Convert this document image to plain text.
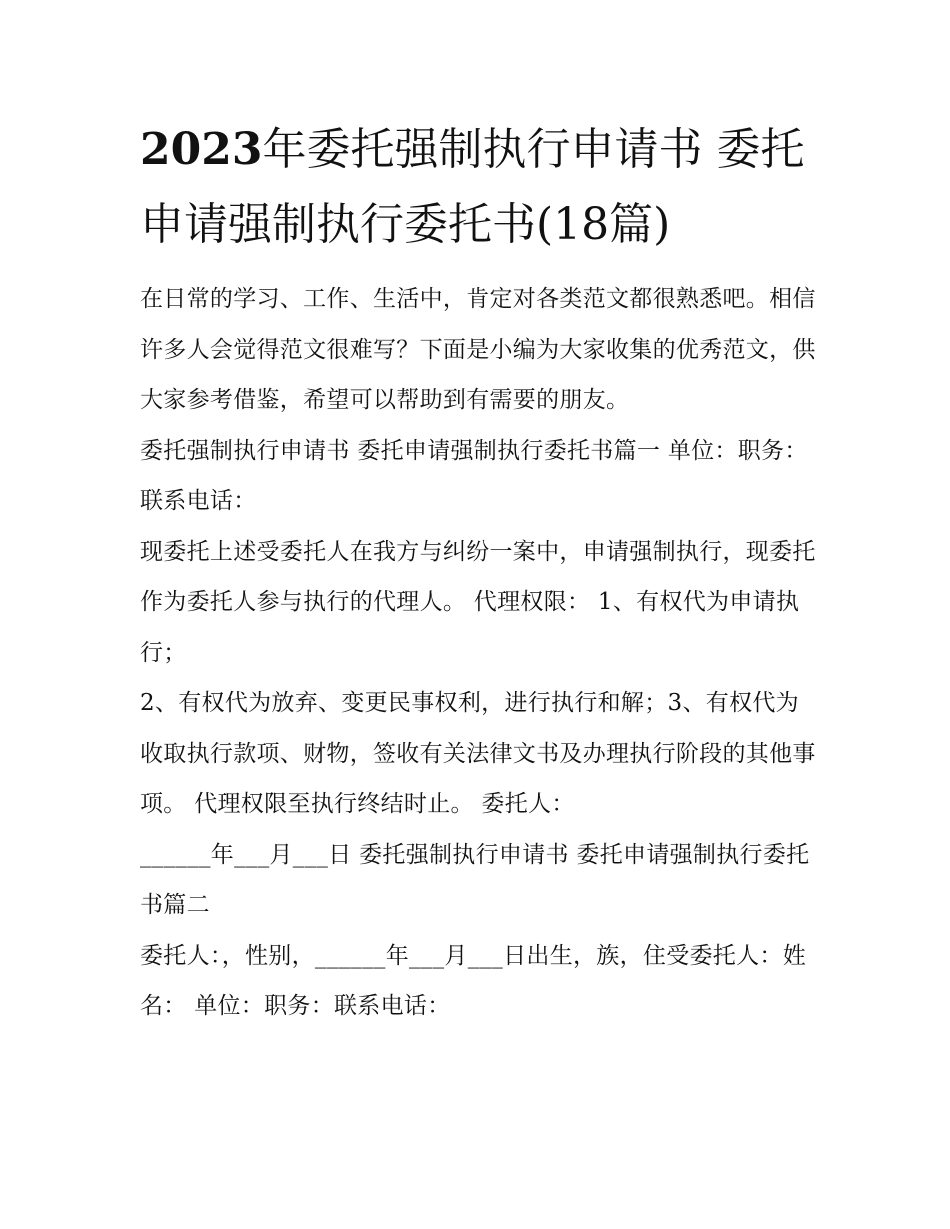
2023年委托强制执行申请书 委托申请强制执行委托书(18篇)

在日常的学习、工作、生活中，肯定对各类范文都很熟悉吧。相信许多人会觉得范文很难写？下面是小编为大家收集的优秀范文，供大家参考借鉴，希望可以帮助到有需要的朋友。

委托强制执行申请书 委托申请强制执行委托书篇一 单位：职务：联系电话：

现委托上述受委托人在我方与纠纷一案中，申请强制执行，现委托作为委托人参与执行的代理人。 代理权限： 1、有权代为申请执行；

2、有权代为放弃、变更民事权利，进行执行和解；3、有权代为收取执行款项、财物，签收有关法律文书及办理执行阶段的其他事项。 代理权限至执行终结时止。 委托人：

______年___月___日 委托强制执行申请书 委托申请强制执行委托书篇二

委托人：，性别，______年___月___日出生，族，住受委托人：姓名： 单位：职务：联系电话：
